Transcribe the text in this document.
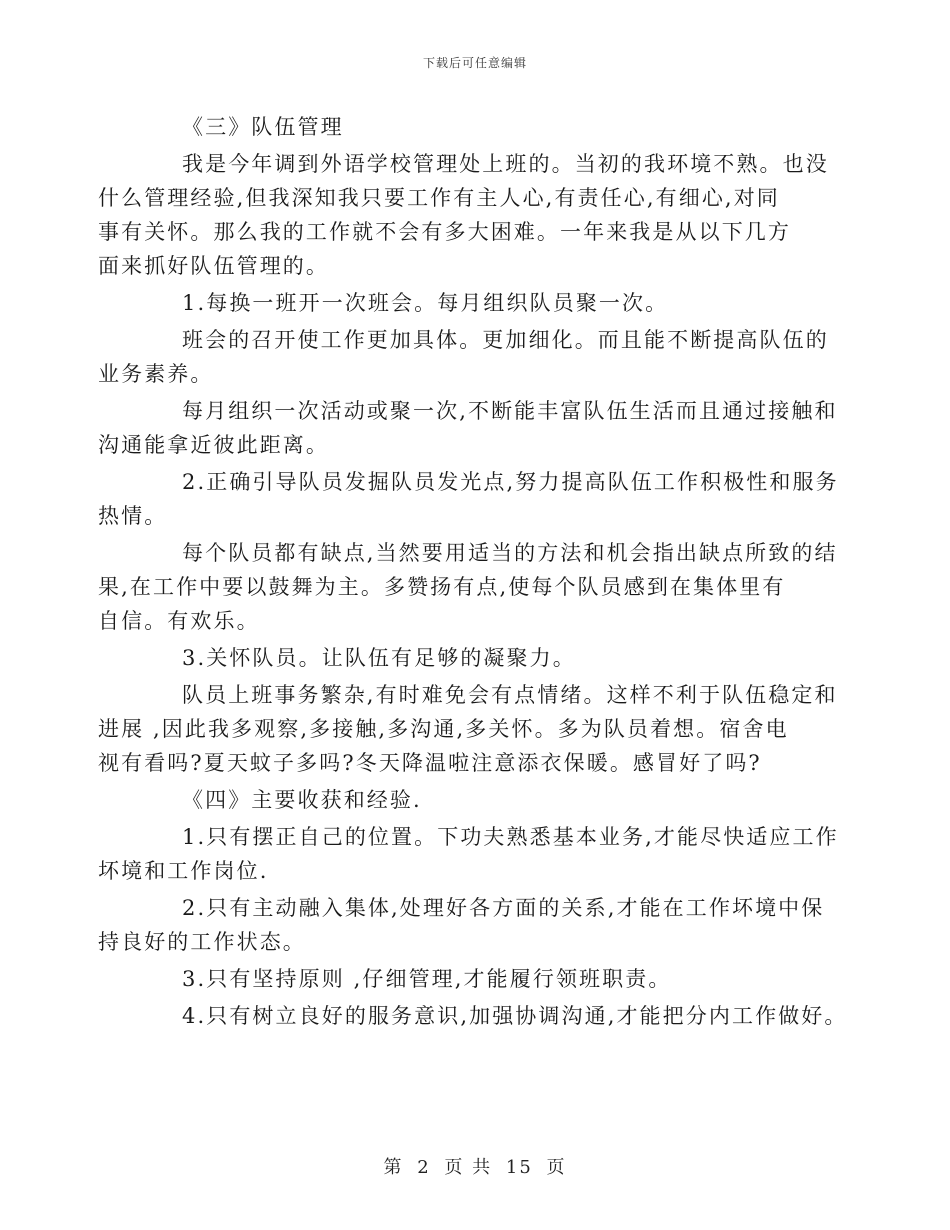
下载后可任意编辑
《三》队伍管理
我是今年调到外语学校管理处上班的。当初的我环境不熟。也没
什么管理经验,但我深知我只要工作有主人心,有责任心,有细心,对同
事有关怀。那么我的工作就不会有多大困难。一年来我是从以下几方
面来抓好队伍管理的。
1.每换一班开一次班会。每月组织队员聚一次。
班会的召开使工作更加具体。更加细化。而且能不断提高队伍的
业务素养。
每月组织一次活动或聚一次,不断能丰富队伍生活而且通过接触和
沟通能拿近彼此距离。
2.正确引导队员发掘队员发光点,努力提高队伍工作积极性和服务
热情。
每个队员都有缺点,当然要用适当的方法和机会指出缺点所致的结
果,在工作中要以鼓舞为主。多赞扬有点,使每个队员感到在集体里有
自信。有欢乐。
3.关怀队员。让队伍有足够的凝聚力。
队员上班事务繁杂,有时难免会有点情绪。这样不利于队伍稳定和
进展 ,因此我多观察,多接触,多沟通,多关怀。多为队员着想。宿舍电
视有看吗?夏天蚊子多吗?冬天降温啦注意添衣保暖。感冒好了吗?
《四》主要收获和经验.
1.只有摆正自己的位置。下功夫熟悉基本业务,才能尽快适应工作
坏境和工作岗位.
2.只有主动融入集体,处理好各方面的关系,才能在工作坏境中保
持良好的工作状态。
3.只有坚持原则 ,仔细管理,才能履行领班职责。
4.只有树立良好的服务意识,加强协调沟通,才能把分内工作做好。
第 2 页 共 15 页
